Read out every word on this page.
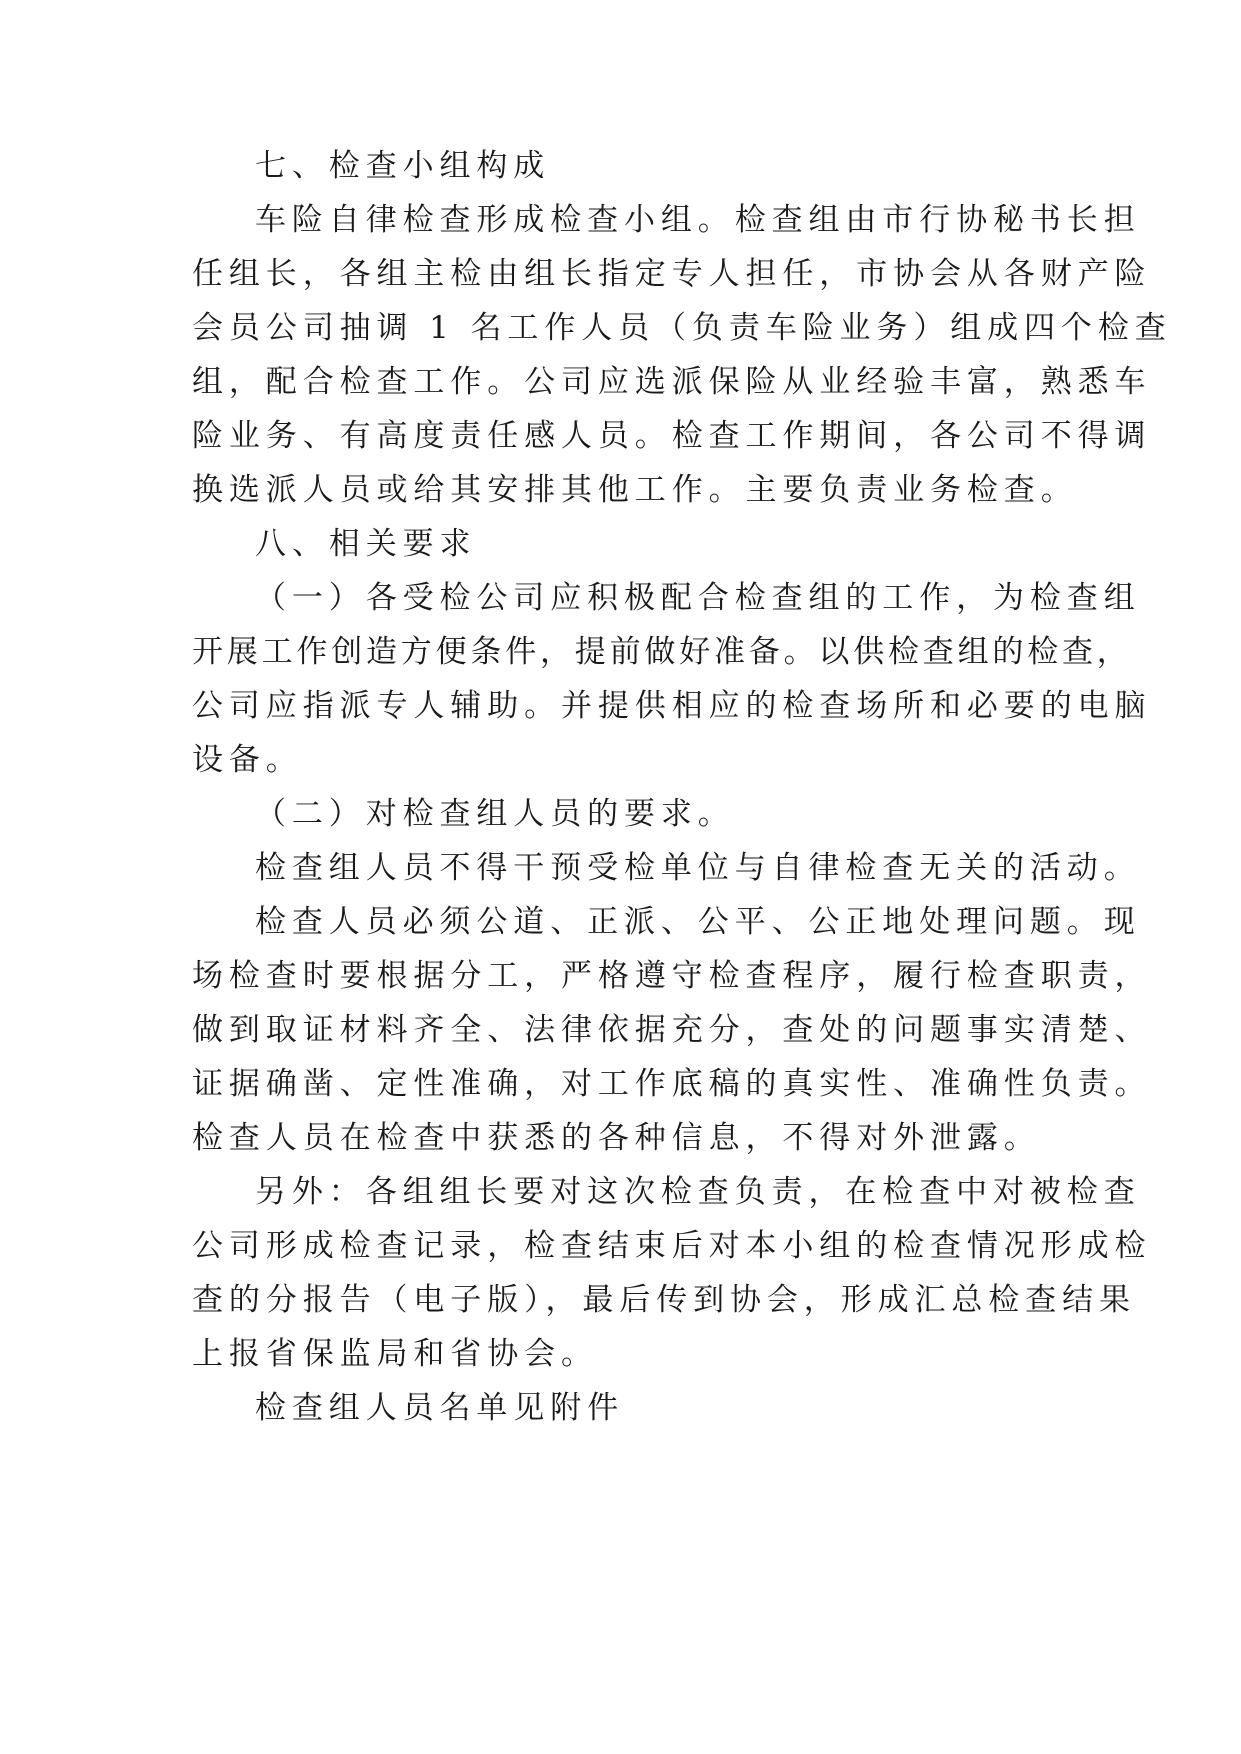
七、检查小组构成
车险自律检查形成检查小组。检查组由市行协秘书长担
任组长，各组主检由组长指定专人担任，市协会从各财产险
会员公司抽调 1 名工作人员（负责车险业务）组成四个检查
组，配合检查工作。公司应选派保险从业经验丰富，熟悉车
险业务、有高度责任感人员。检查工作期间，各公司不得调
换选派人员或给其安排其他工作。主要负责业务检查。
八、相关要求
（一）各受检公司应积极配合检查组的工作，为检查组
开展工作创造方便条件，提前做好准备。以供检查组的检查，
公司应指派专人辅助。并提供相应的检查场所和必要的电脑
设备。
（二）对检查组人员的要求。
检查组人员不得干预受检单位与自律检查无关的活动。
检查人员必须公道、正派、公平、公正地处理问题。现
场检查时要根据分工，严格遵守检查程序，履行检查职责，
做到取证材料齐全、法律依据充分，查处的问题事实清楚、
证据确凿、定性准确，对工作底稿的真实性、准确性负责。
检查人员在检查中获悉的各种信息，不得对外泄露。
另外：各组组长要对这次检查负责，在检查中对被检查
公司形成检查记录，检查结束后对本小组的检查情况形成检
查的分报告（电子版），最后传到协会，形成汇总检查结果
上报省保监局和省协会。
检查组人员名单见附件
